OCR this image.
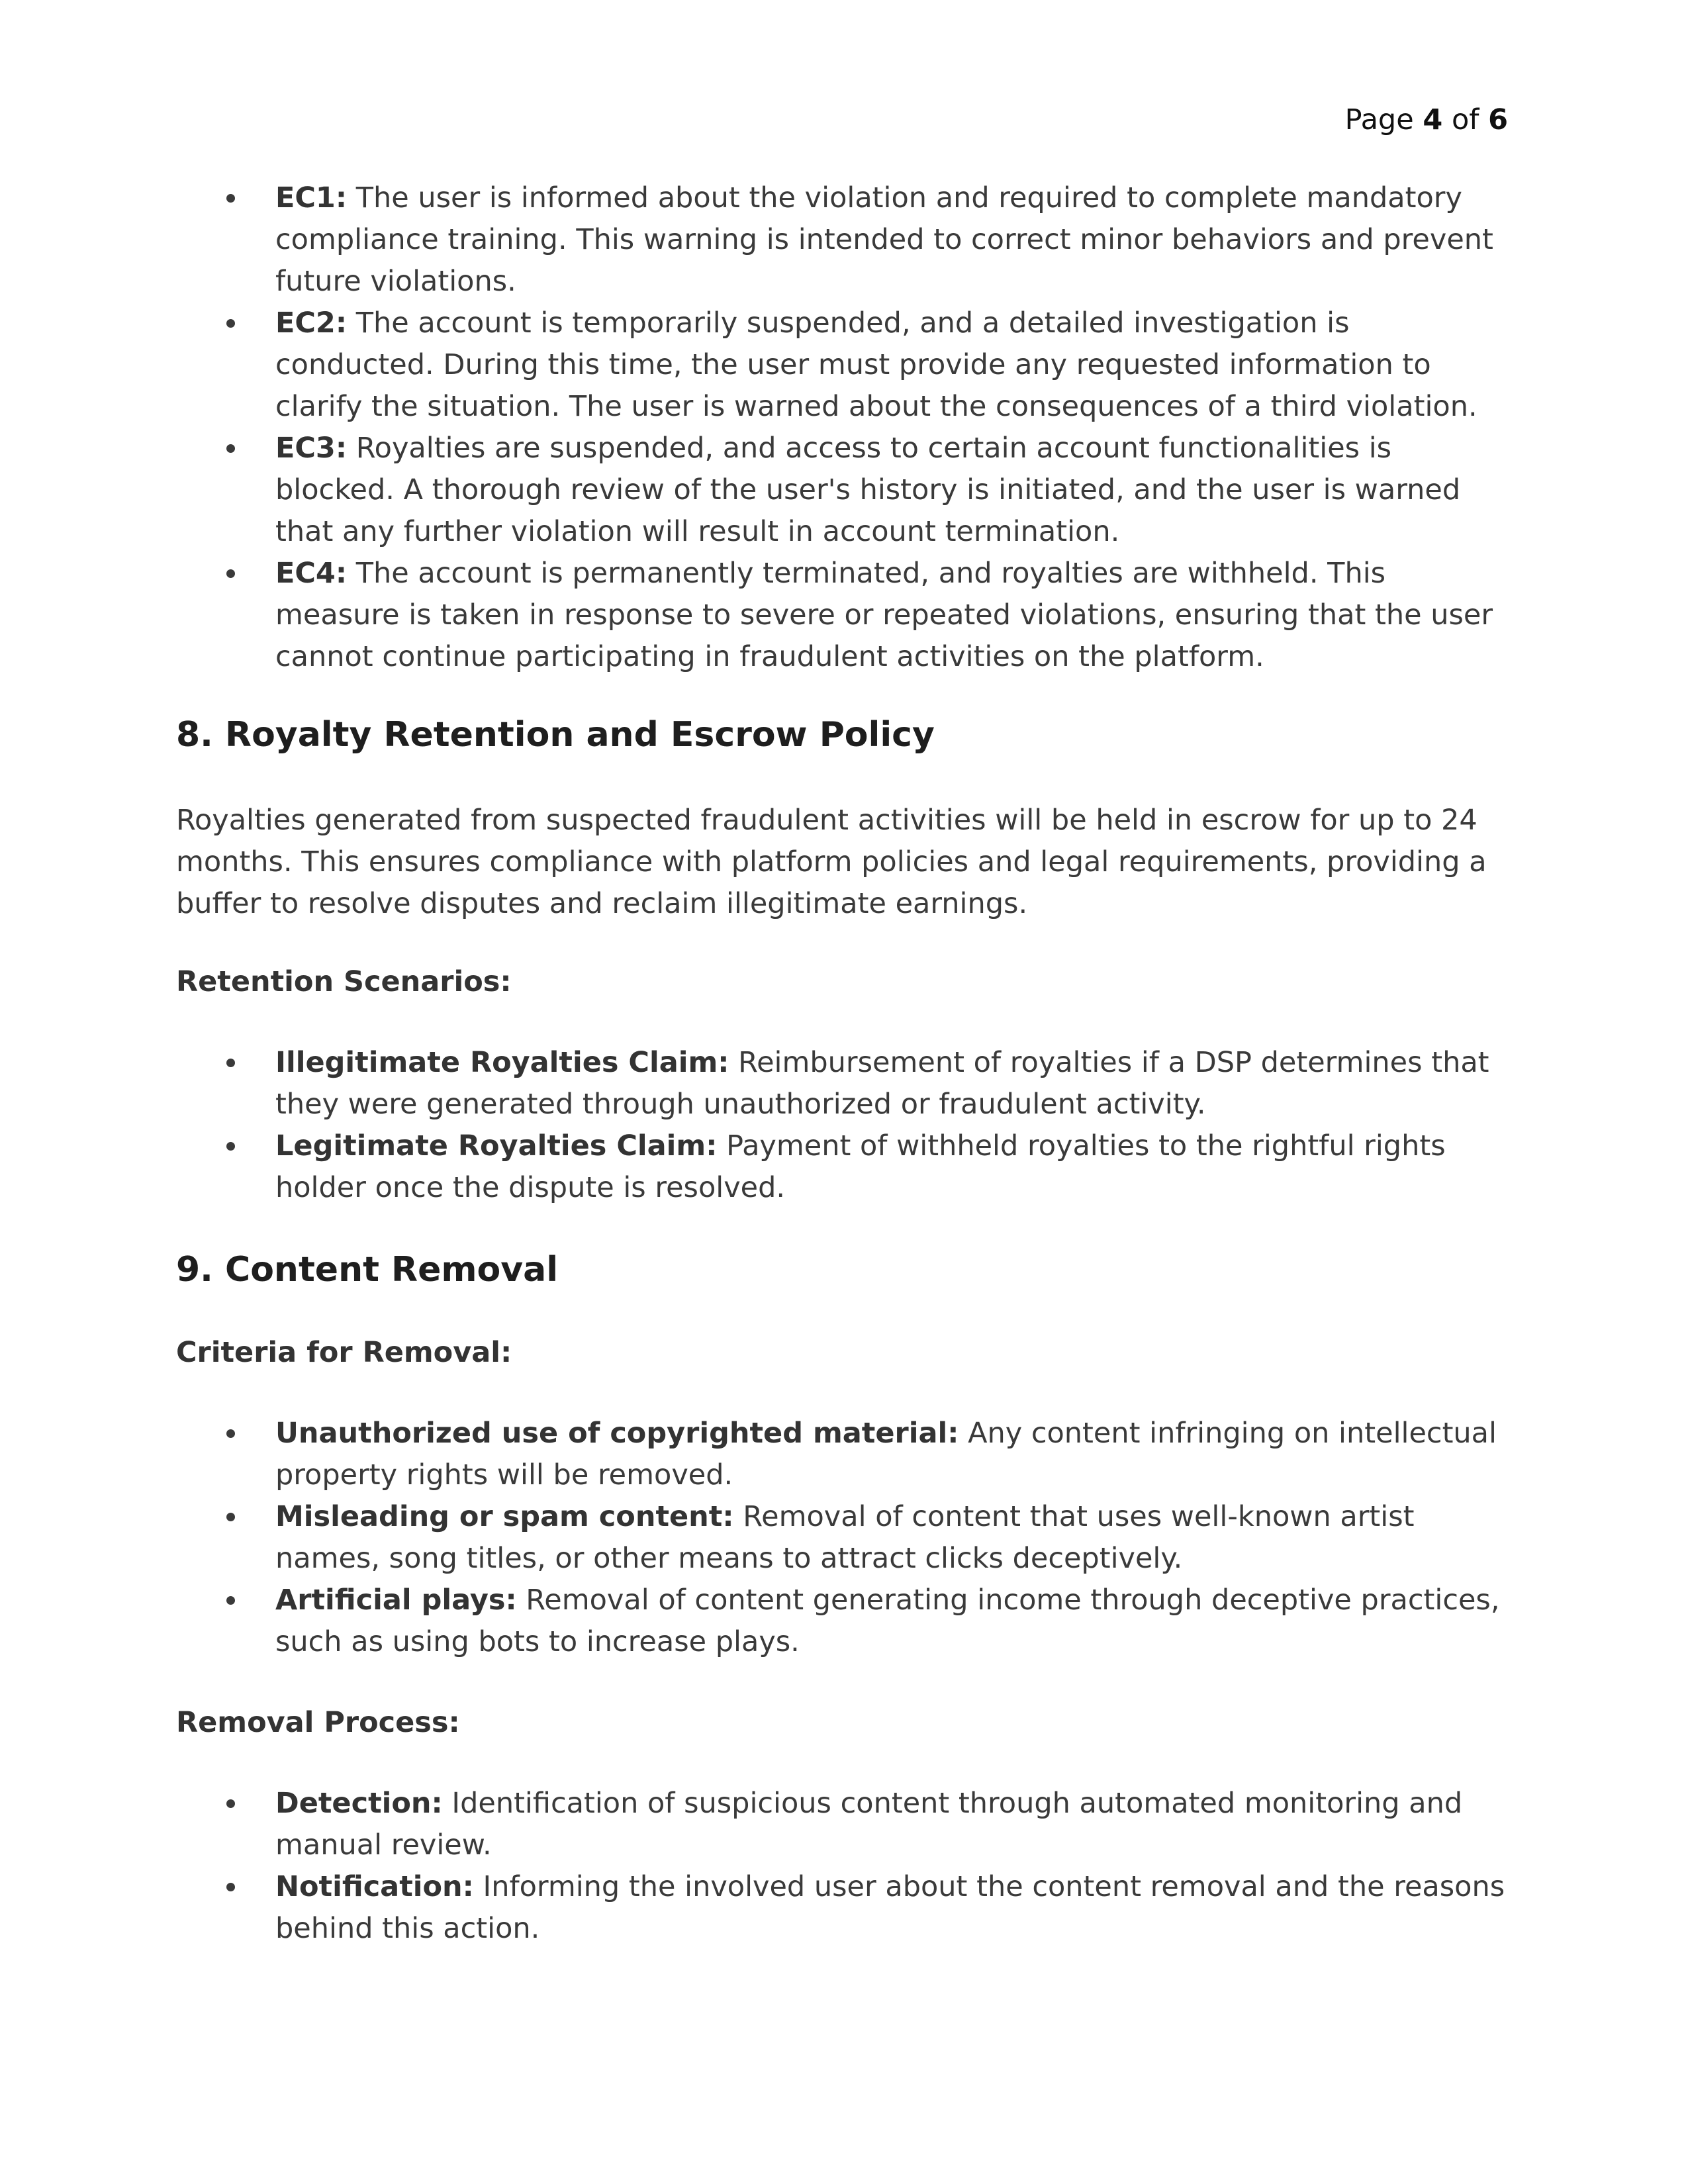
Page 4 of 6
EC1: The user is informed about the violation and required to complete mandatory compliance training. This warning is intended to correct minor behaviors and prevent future violations.
EC2: The account is temporarily suspended, and a detailed investigation is conducted. During this time, the user must provide any requested information to clarify the situation. The user is warned about the consequences of a third violation.
EC3: Royalties are suspended, and access to certain account functionalities is blocked. A thorough review of the user's history is initiated, and the user is warned that any further violation will result in account termination.
EC4: The account is permanently terminated, and royalties are withheld. This measure is taken in response to severe or repeated violations, ensuring that the user cannot continue participating in fraudulent activities on the platform.
8. Royalty Retention and Escrow Policy

Royalties generated from suspected fraudulent activities will be held in escrow for up to 24 months. This ensures compliance with platform policies and legal requirements, providing a buffer to resolve disputes and reclaim illegitimate earnings.

Retention Scenarios:
Illegitimate Royalties Claim: Reimbursement of royalties if a DSP determines that they were generated through unauthorized or fraudulent activity.
Legitimate Royalties Claim: Payment of withheld royalties to the rightful rights holder once the dispute is resolved.
9. Content Removal
Criteria for Removal:
Unauthorized use of copyrighted material: Any content infringing on intellectual property rights will be removed.
Misleading or spam content: Removal of content that uses well-known artist names, song titles, or other means to attract clicks deceptively.
Artificial plays: Removal of content generating income through deceptive practices, such as using bots to increase plays.
Removal Process:
Detection: Identification of suspicious content through automated monitoring and manual review.
Notification: Informing the involved user about the content removal and the reasons behind this action.
